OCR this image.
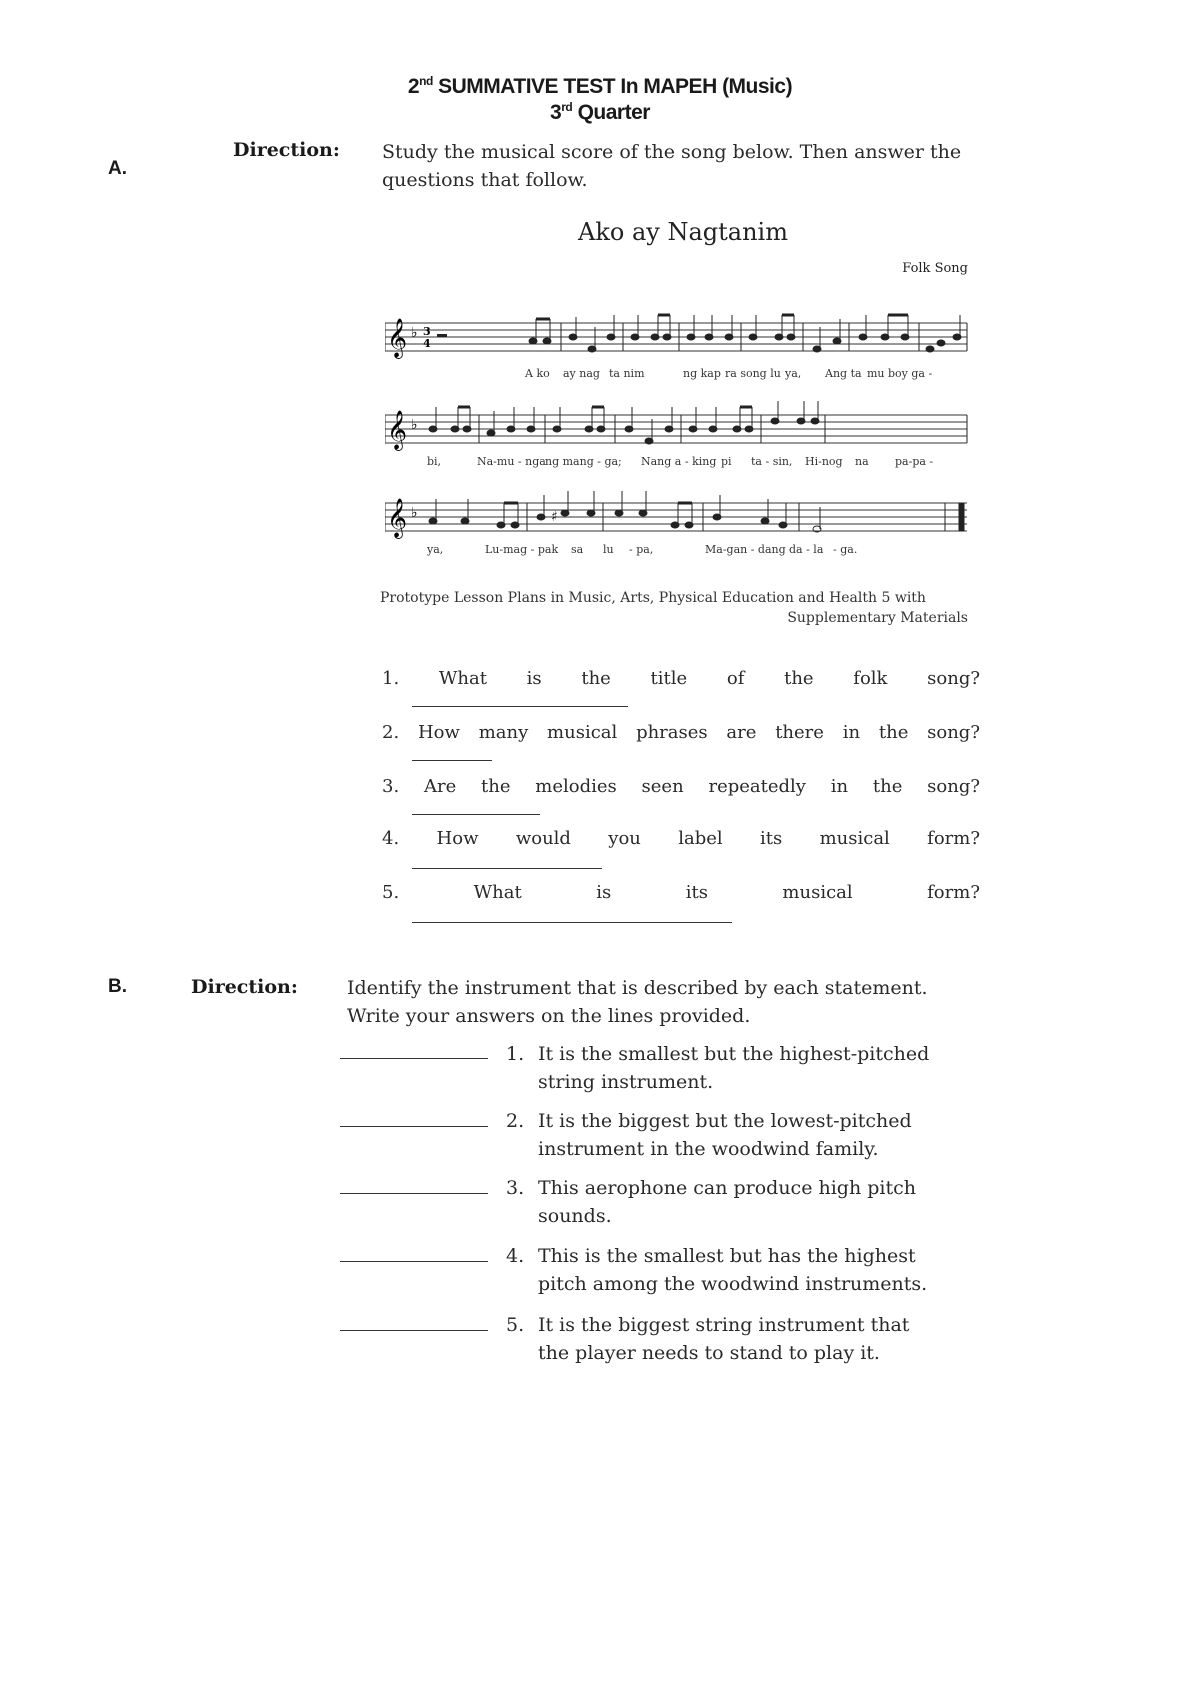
2nd SUMMATIVE TEST In MAPEH (Music)
3rd Quarter
A.
Direction: Study the musical score of the song below. Then answer the questions that follow.
Ako ay Nagtanim
Folk Song
𝄞 ♭ 3
4
A ko ay nag ta nim	ng kap ra song lu ya, Ang ta mu boy ga -
𝄞 ♭
bi,	Na-mu - nga ng mang - ga; Nang a - king pi ta - sin, Hi-nog na pa-pa -
𝄞 ♭	♯
ya,	Lu-mag - pak sa lu - pa,	Ma-gan - dang da - la - ga.
Prototype Lesson Plans in Music, Arts, Physical Education and Health 5 with
Supplementary Materials
1. What is the title of the folk song?
2. How many musical phrases are there in the song?
3. Are the melodies seen repeatedly in the song?
4. How would you label its musical form?
5.	What	is	its	musical	form?
B.	Direction:	Identify the instrument that is described by each statement.
Write your answers on the lines provided.
1. It is the smallest but the highest-pitched
string instrument.
2. It is the biggest but the lowest-pitched
instrument in the woodwind family.
3. This aerophone can produce high pitch
sounds.
4. This is the smallest but has the highest
pitch among the woodwind instruments.
5. It is the biggest string instrument that
the player needs to stand to play it.
